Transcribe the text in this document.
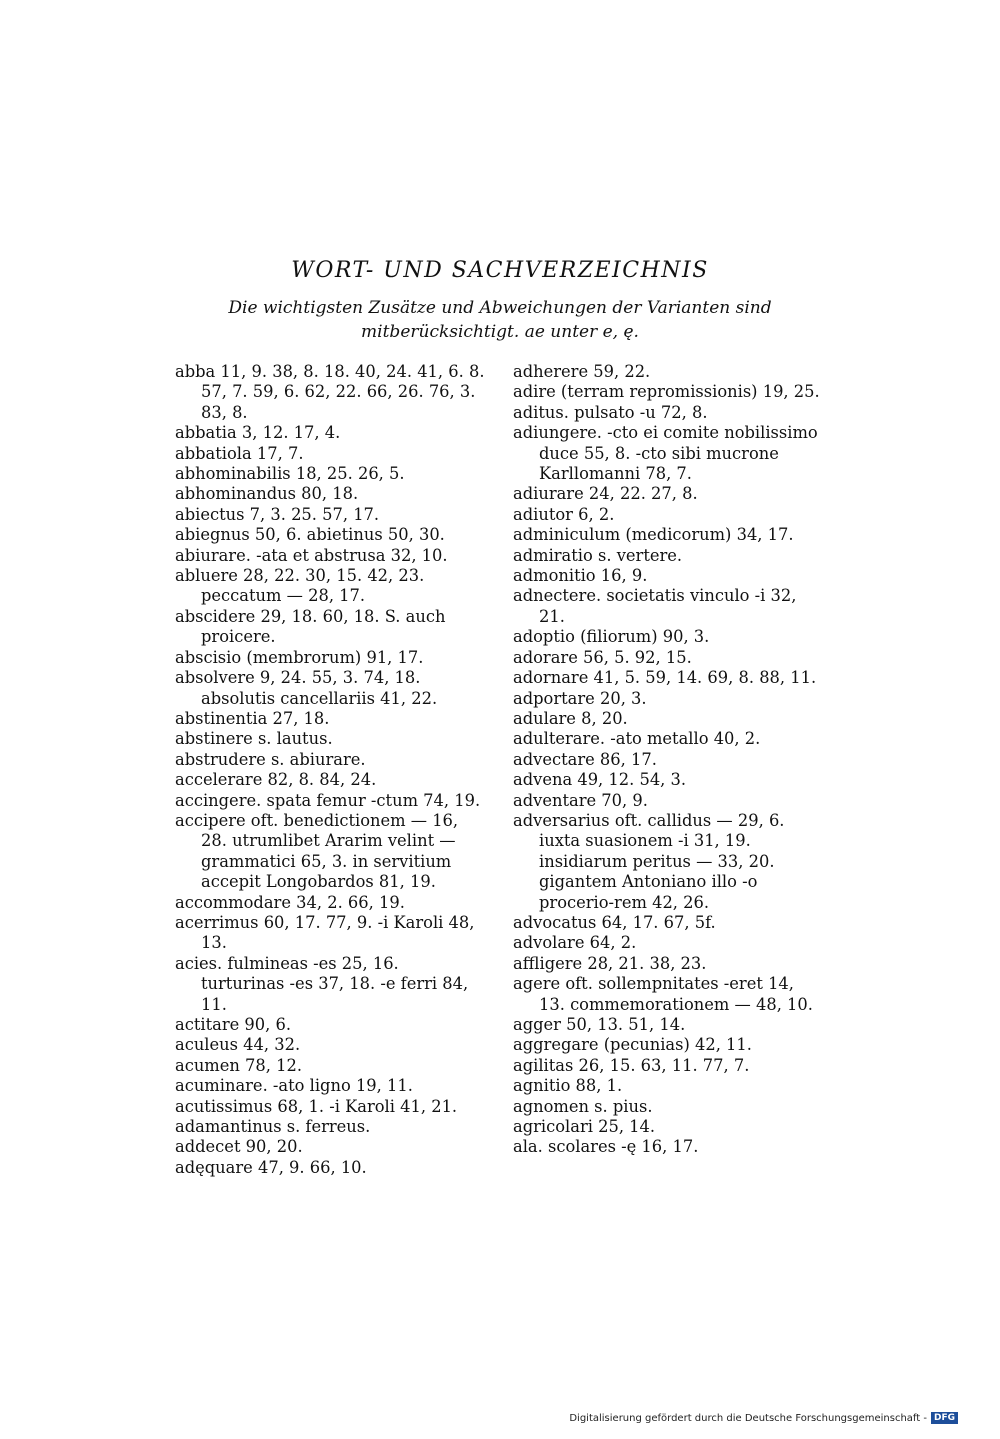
WORT- UND SACHVERZEICHNIS
Die wichtigsten Zusätze und Abweichungen der Varianten sind mitberücksichtigt. ae unter e, ę.

abba 11, 9. 38, 8. 18. 40, 24. 41, 6. 8. 57, 7. 59, 6. 62, 22. 66, 26. 76, 3. 83, 8.

abbatia 3, 12. 17, 4.

abbatiola 17, 7.

abhominabilis 18, 25. 26, 5.

abhominandus 80, 18.

abiectus 7, 3. 25. 57, 17.

abiegnus 50, 6. abietinus 50, 30.

abiurare. -ata et abstrusa 32, 10.

abluere 28, 22. 30, 15. 42, 23. peccatum — 28, 17.

abscidere 29, 18. 60, 18. S. auch proicere.

abscisio (membrorum) 91, 17.

absolvere 9, 24. 55, 3. 74, 18. absolutis cancellariis 41, 22.

abstinentia 27, 18.

abstinere s. lautus.

abstrudere s. abiurare.

accelerare 82, 8. 84, 24.

accingere. spata femur -ctum 74, 19.

accipere oft. benedictionem — 16, 28. utrumlibet Ararim velint — grammatici 65, 3. in servitium accepit Longobardos 81, 19.

accommodare 34, 2. 66, 19.

acerrimus 60, 17. 77, 9. -i Karoli 48, 13.

acies. fulmineas -es 25, 16. turturinas -es 37, 18. -e ferri 84, 11.

actitare 90, 6.

aculeus 44, 32.

acumen 78, 12.

acuminare. -ato ligno 19, 11.

acutissimus 68, 1. -i Karoli 41, 21.

adamantinus s. ferreus.

addecet 90, 20.

adęquare 47, 9. 66, 10.

adherere 59, 22.

adire (terram repromissionis) 19, 25.

aditus. pulsato -u 72, 8.

adiungere. -cto ei comite nobilissimo duce 55, 8. -cto sibi mucrone Karllomanni 78, 7.

adiurare 24, 22. 27, 8.

adiutor 6, 2.

adminiculum (medicorum) 34, 17.

admiratio s. vertere.

admonitio 16, 9.

adnectere. societatis vinculo -i 32, 21.

adoptio (filiorum) 90, 3.

adorare 56, 5. 92, 15.

adornare 41, 5. 59, 14. 69, 8. 88, 11.

adportare 20, 3.

adulare 8, 20.

adulterare. -ato metallo 40, 2.

advectare 86, 17.

advena 49, 12. 54, 3.

adventare 70, 9.

adversarius oft. callidus — 29, 6. iuxta suasionem -i 31, 19. insidiarum peritus — 33, 20. gigantem Antoniano illo -o procerio-rem 42, 26.

advocatus 64, 17. 67, 5f.

advolare 64, 2.

affligere 28, 21. 38, 23.

agere oft. sollempnitates -eret 14, 13. commemorationem — 48, 10.

agger 50, 13. 51, 14.

aggregare (pecunias) 42, 11.

agilitas 26, 15. 63, 11. 77, 7.

agnitio 88, 1.

agnomen s. pius.

agricolari 25, 14.

ala. scolares -ę 16, 17.

Digitalisierung gefördert durch die Deutsche Forschungsgemeinschaft - DFG
